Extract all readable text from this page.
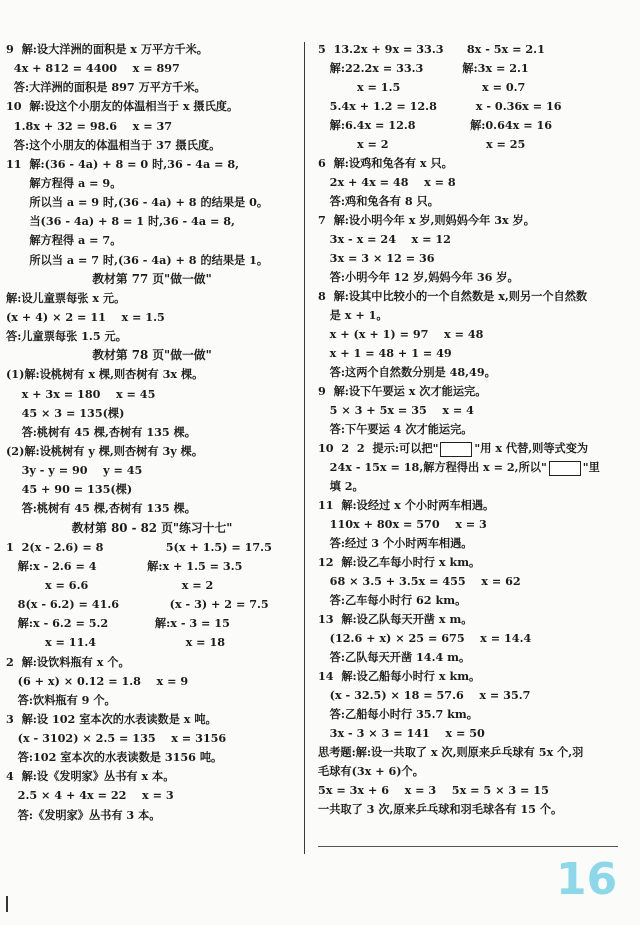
9  解:设大洋洲的面积是 x 万平方千米。
4x + 812 = 4400    x = 897
答:大洋洲的面积是 897 万平方千米。
10  解:设这个小朋友的体温相当于 x 摄氏度。
1.8x + 32 = 98.6    x = 37
答:这个小朋友的体温相当于 37 摄氏度。
11  解:(36 - 4a) + 8 = 0 时,36 - 4a = 8,
解方程得 a = 9。
所以当 a = 9 时,(36 - 4a) + 8 的结果是 0。
当(36 - 4a) + 8 = 1 时,36 - 4a = 8,
解方程得 a = 7。
所以当 a = 7 时,(36 - 4a) + 8 的结果是 1。
教材第 77 页"做一做"
解:设儿童票每张 x 元。
(x + 4) × 2 = 11    x = 1.5
答:儿童票每张 1.5 元。
教材第 78 页"做一做"
(1)解:设桃树有 x 棵,则杏树有 3x 棵。
x + 3x = 180    x = 45
45 × 3 = 135(棵)
答:桃树有 45 棵,杏树有 135 棵。
(2)解:设桃树有 y 棵,则杏树有 3y 棵。
3y - y = 90    y = 45
45 + 90 = 135(棵)
答:桃树有 45 棵,杏树有 135 棵。
教材第 80 - 82 页"练习十七"
1  2(x - 2.6) = 8                5(x + 1.5) = 17.5
解:x - 2.6 = 4             解:x + 1.5 = 3.5
x = 6.6                        x = 2
8(x - 6.2) = 41.6             (x - 3) + 2 = 7.5
解:x - 6.2 = 5.2            解:x - 3 = 15
x = 11.4                       x = 18
2  解:设饮料瓶有 x 个。
(6 + x) × 0.12 = 1.8    x = 9
答:饮料瓶有 9 个。
3  解:设 102 室本次的水表读数是 x 吨。
(x - 3102) × 2.5 = 135    x = 3156
答:102 室本次的水表读数是 3156 吨。
4  解:设《发明家》丛书有 x 本。
2.5 × 4 + 4x = 22    x = 3
答:《发明家》丛书有 3 本。
5  13.2x + 9x = 33.3      8x - 5x = 2.1
解:22.2x = 33.3          解:3x = 2.1
x = 1.5                     x = 0.7
5.4x + 1.2 = 12.8          x - 0.36x = 16
解:6.4x = 12.8              解:0.64x = 16
x = 2                         x = 25
6  解:设鸡和兔各有 x 只。
2x + 4x = 48    x = 8
答:鸡和兔各有 8 只。
7  解:设小明今年 x 岁,则妈妈今年 3x 岁。
3x - x = 24    x = 12
3x = 3 × 12 = 36
答:小明今年 12 岁,妈妈今年 36 岁。
8  解:设其中比较小的一个自然数是 x,则另一个自然数
是 x + 1。
x + (x + 1) = 97    x = 48
x + 1 = 48 + 1 = 49
答:这两个自然数分别是 48,49。
9  解:设下午要运 x 次才能运完。
5 × 3 + 5x = 35    x = 4
答:下午要运 4 次才能运完。
10  2  2  提示:可以把"	"用 x 代替,则等式变为
24x - 15x = 18,解方程得出 x = 2,所以"	"里
填 2。
11  解:设经过 x 个小时两车相遇。
110x + 80x = 570    x = 3
答:经过 3 个小时两车相遇。
12  解:设乙车每小时行 x km。
68 × 3.5 + 3.5x = 455    x = 62
答:乙车每小时行 62 km。
13  解:设乙队每天开凿 x m。
(12.6 + x) × 25 = 675    x = 14.4
答:乙队每天开凿 14.4 m。
14  解:设乙船每小时行 x km。
(x - 32.5) × 18 = 57.6    x = 35.7
答:乙船每小时行 35.7 km。
3x - 3 × 3 = 141    x = 50
思考题:解:设一共取了 x 次,则原来乒乓球有 5x 个,羽
毛球有(3x + 6)个。
5x = 3x + 6    x = 3    5x = 5 × 3 = 15
一共取了 3 次,原来乒乓球和羽毛球各有 15 个。
16
